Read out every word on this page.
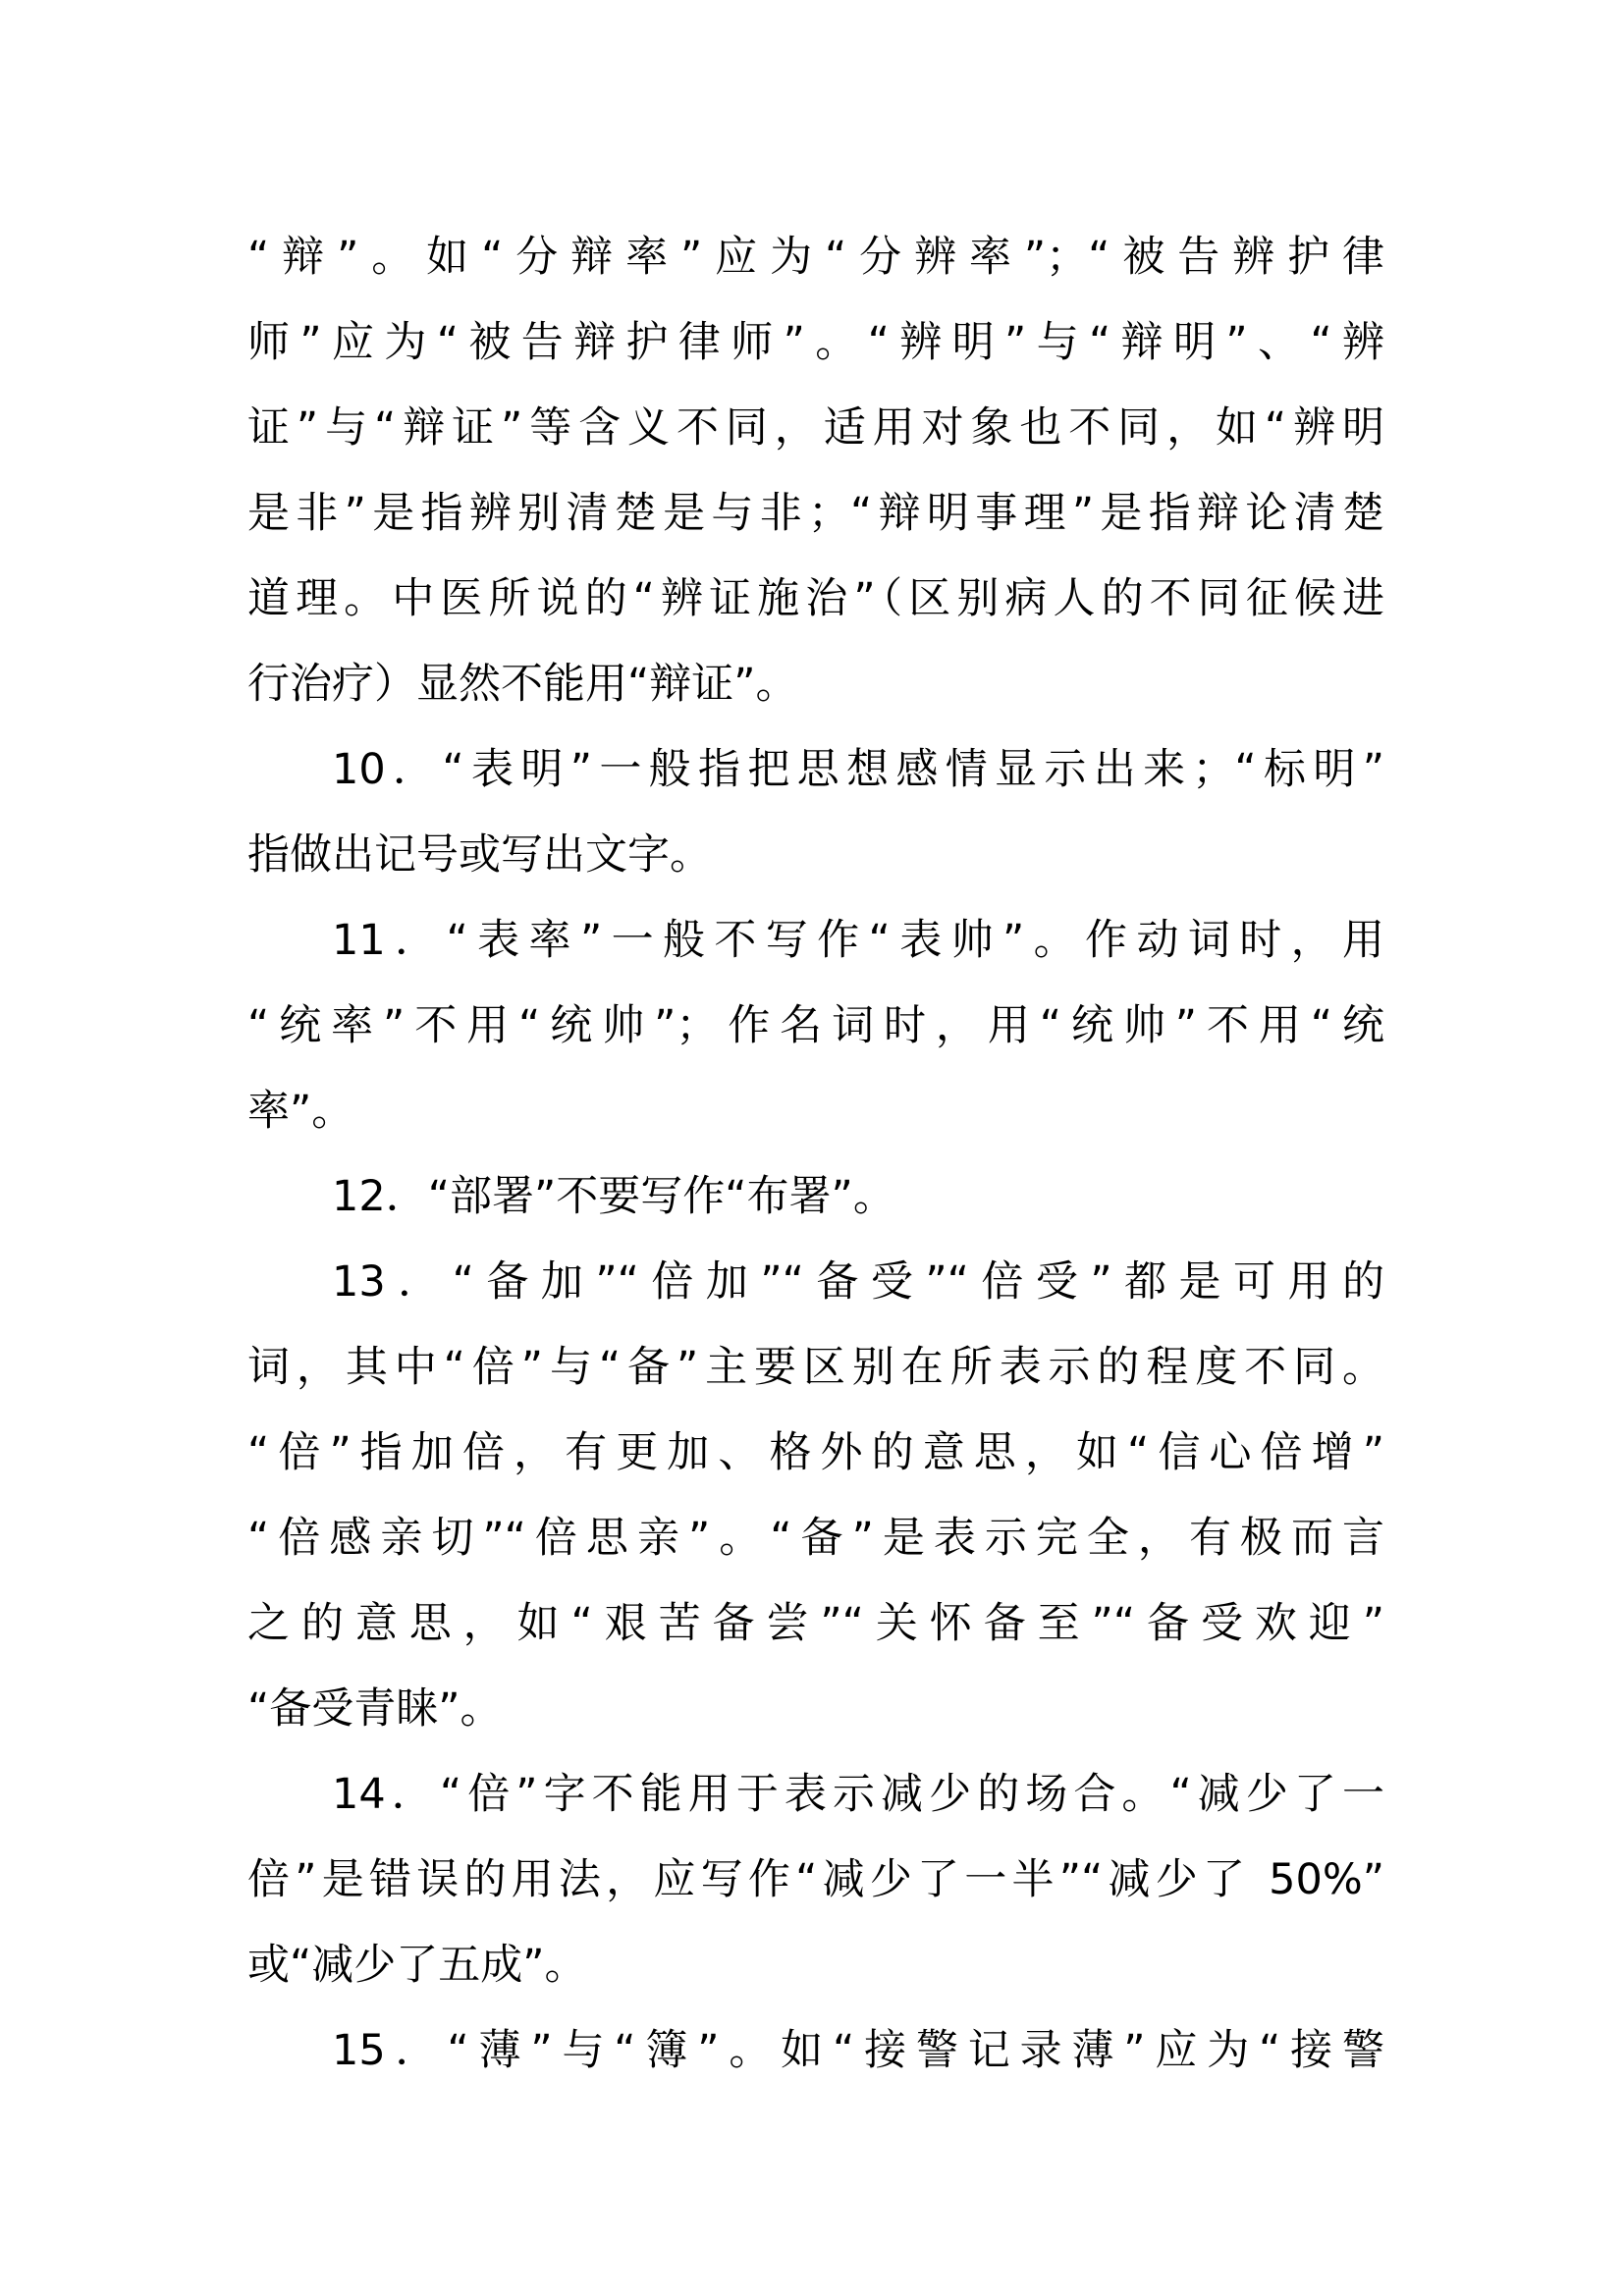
“辩”。如“分辩率”应为“分辨率”；“被告辨护律
师”应为“被告辩护律师”。“辨明”与“辩明”、“辨
证”与“辩证”等含义不同，适用对象也不同，如“辨明
是非”是指辨别清楚是与非；“辩明事理”是指辩论清楚
道理。中医所说的“辨证施治”（区别病人的不同征候进
行治疗）显然不能用“辩证”。
10．“表明”一般指把思想感情显示出来；“标明”
指做出记号或写出文字。
11．“表率”一般不写作“表帅”。作动词时，用
“统率”不用“统帅”；作名词时，用“统帅”不用“统
率”。
12．“部署”不要写作“布署”。
13．“备加”“倍加”“备受”“倍受”都是可用的
词，其中“倍”与“备”主要区别在所表示的程度不同。
“倍”指加倍，有更加、格外的意思，如“信心倍增”
“倍感亲切”“倍思亲”。“备”是表示完全，有极而言
之的意思，如“艰苦备尝”“关怀备至”“备受欢迎”
“备受青睐”。
14．“倍”字不能用于表示减少的场合。“减少了一
倍”是错误的用法，应写作“减少了一半”“减少了 50%”
或“减少了五成”。
15．“薄”与“簿”。如“接警记录薄”应为“接警
